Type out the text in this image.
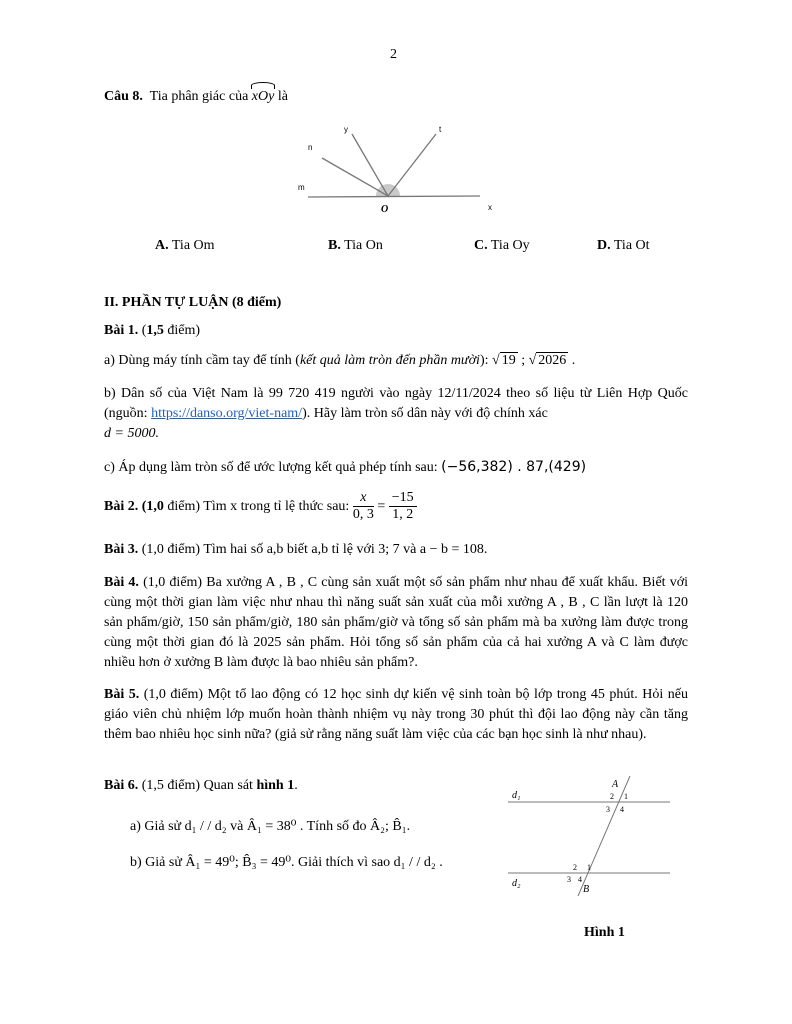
2
Câu 8. Tia phân giác của xOy là
y	t
n
m
O	x
A. Tia Om	B. Tia On	C. Tia Oy	D. Tia Ot
II. PHẦN TỰ LUẬN (8 điểm)
Bài 1. (1,5 điểm)
a) Dùng máy tính cầm tay để tính (kết quả làm tròn đến phần mười): √ 19 ; √ 2026 .
b) Dân số của Việt Nam là 99 720 419 người vào ngày 12/11/2024 theo số liệu từ Liên Hợp Quốc (nguồn: https://danso.org/viet-nam/). Hãy làm tròn số dân này với độ chính xác
d = 5000.
c) Áp dụng làm tròn số để ước lượng kết quả phép tính sau: (−56,382) . 87,(429)
Bài 2. (1,0 điểm) Tìm x trong tỉ lệ thức sau: $\frac{x}{0, 3} = \frac{-15}{1, 2}$
Bài 3. (1,0 điểm) Tìm hai số a,b biết a,b tỉ lệ với 3; 7 và a − b = 108.
Bài 4. (1,0 điểm) Ba xưởng A , B , C cùng sản xuất một số sản phẩm như nhau để xuất khẩu. Biết với cùng một thời gian làm việc như nhau thì năng suất sản xuất của mỗi xưởng A , B , C lần lượt là 120 sản phẩm/giờ, 150 sản phẩm/giờ, 180 sản phẩm/giờ và tổng số sản phẩm mà ba xưởng làm được trong cùng một thời gian đó là 2025 sản phẩm. Hỏi tổng số sản phẩm của cả hai xưởng A và C làm được nhiều hơn ở xưởng B làm được là bao nhiêu sản phẩm?.
Bài 5. (1,0 điểm) Một tổ lao động có 12 học sinh dự kiến vệ sinh toàn bộ lớp trong 45 phút. Hỏi nếu giáo viên chủ nhiệm lớp muốn hoàn thành nhiệm vụ này trong 30 phút thì đội lao động này cần tăng thêm bao nhiêu học sinh nữa? (giả sử rằng năng suất làm việc của các bạn học sinh là như nhau).
Bài 6. (1,5 điểm) Quan sát hình 1.
a) Giả sử d₁ / / d₂ và Â₁ = 38⁰ . Tính số đo Â₂; B̂₁.
b) Giả sử Â₁ = 49⁰; B̂₃ = 49⁰. Giải thích vì sao d₁ / / d₂ .
d₁
d₂
A
2 1
3 4
2 1
3 4
B
Hình 1
